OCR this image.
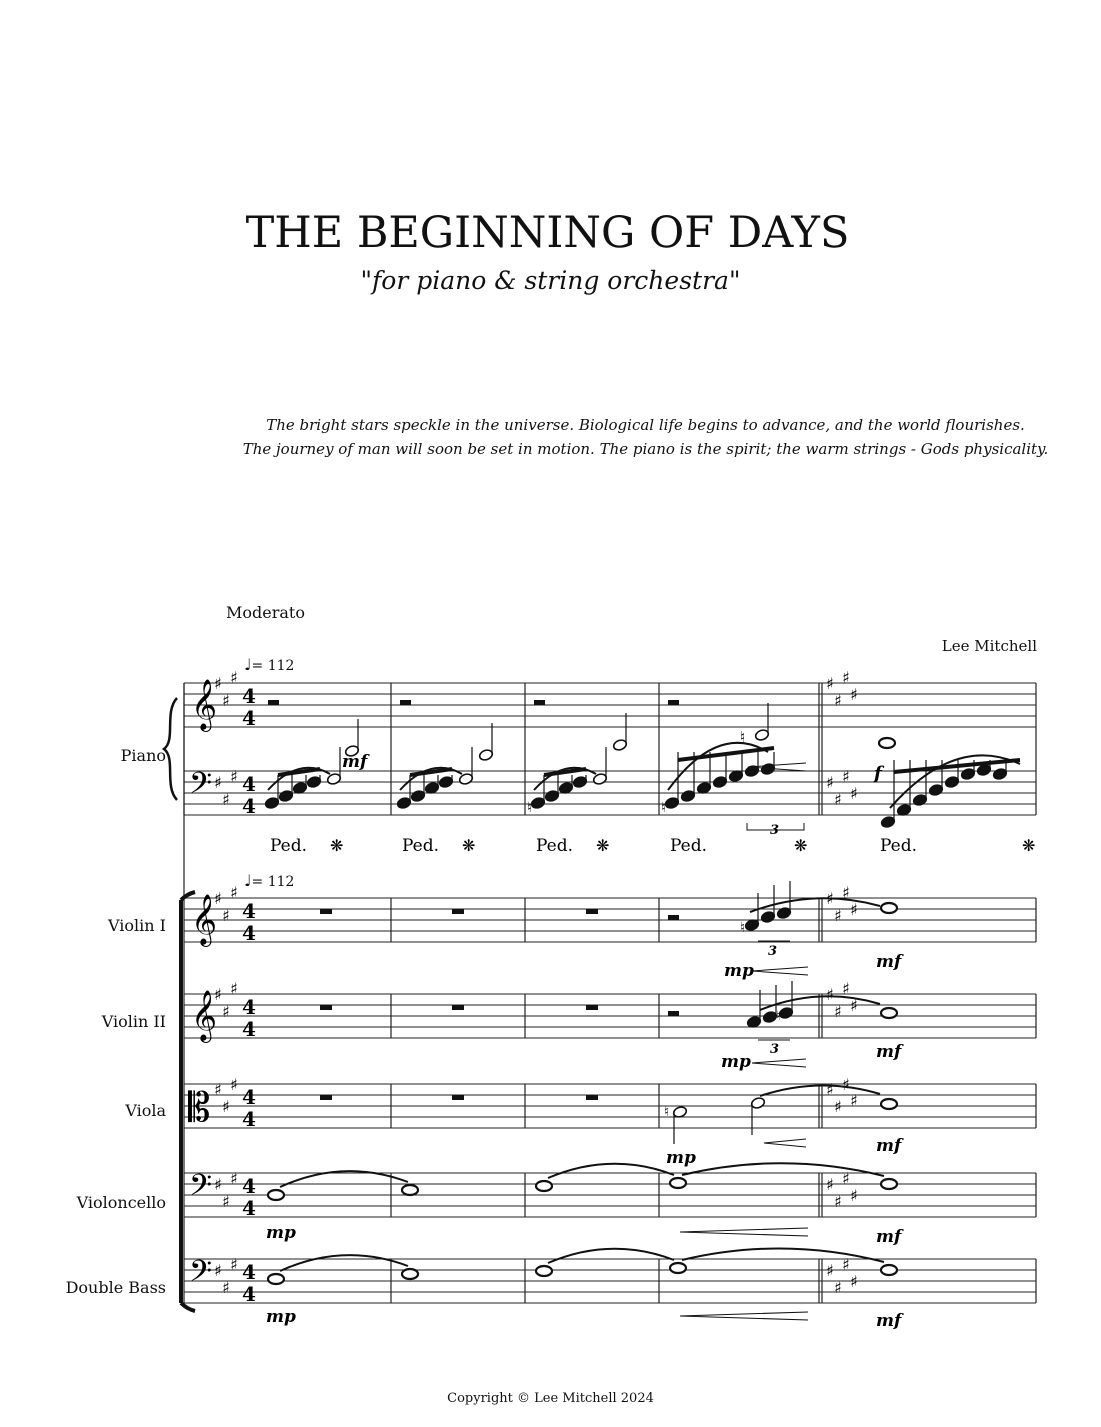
THE BEGINNING OF DAYS
"for piano & string orchestra"
The bright stars speckle in the universe. Biological life begins to advance, and the world flourishes.
The journey of man will soon be set in motion. The piano is the spirit; the warm strings - Gods physicality.
Moderato
Lee Mitchell
Piano
Violin I
Violin II
Viola
Violoncello
Double Bass
♩= 112
♩= 112
𝄞
𝄢
𝄞
𝄞
𝄡
𝄢
𝄢
♯
♯
♯
4
4
♯
♯
♯
♯
♯
♯
♯ 4
4
♯
♯
♯
♯
♯
♯
♯
4
4
♯
♯
♯
♯
♯
♯
♯
4
4
♯
♯
♯
♯
♯
♯
♯
4
4
♯
♯
♯
♯
♯
♯
♯ 4
4
♯
♯
♯
♯
♯
♯
♯ 4
4
♯
♯
♯
♯
♮
mf
f
♮	♮
3
Ped. ❋	Ped. ❋	Ped. ❋	Ped.	❋	Ped.	❋
♮
3
mp	mf
♮
3
mp	mf
♮
mp
mf
mp	mf
mp	mf
Copyright © Lee Mitchell 2024
